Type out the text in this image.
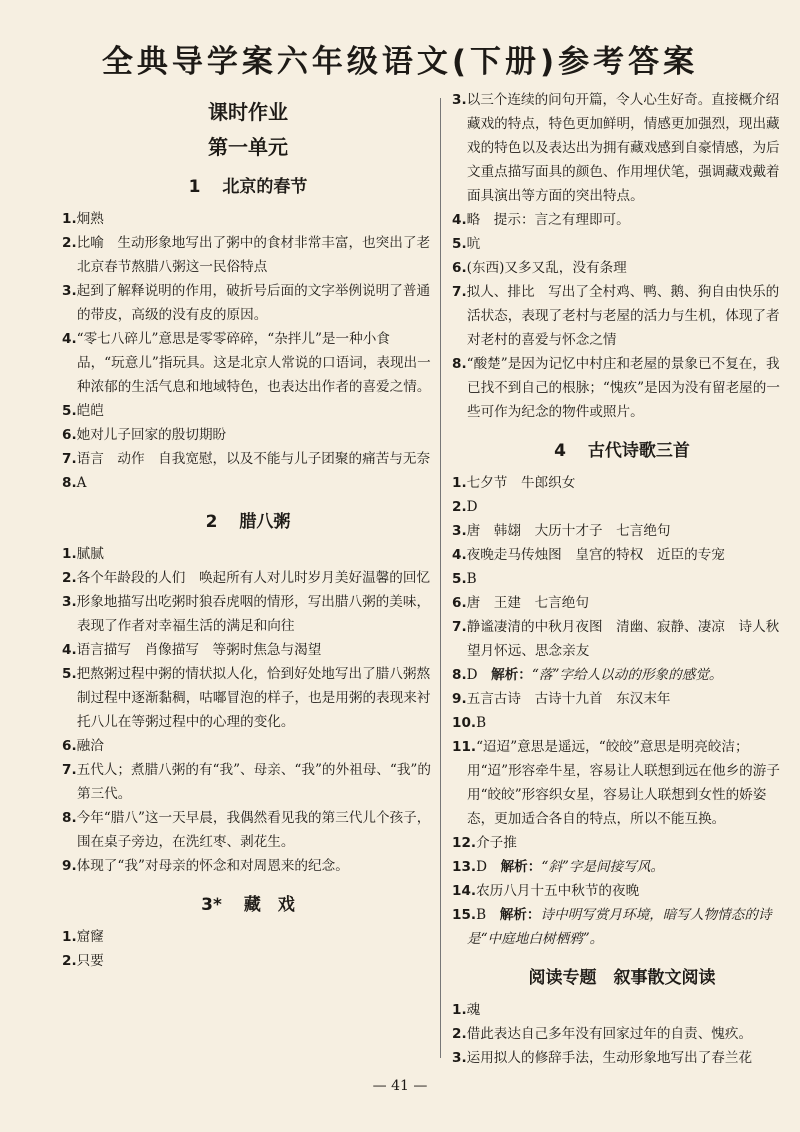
全典导学案六年级语文(下册)参考答案
课时作业
第一单元
1 北京的春节
1.炯熟
2.比喻　生动形象地写出了粥中的食材非常丰富，也突出了老北京春节熬腊八粥这一民俗特点
3.起到了解释说明的作用，破折号后面的文字举例说明了普通的带皮，高级的没有皮的原因。
4.“零七八碎儿”意思是零零碎碎，“杂拌儿”是一种小食品，“玩意儿”指玩具。这是北京人常说的口语词，表现出一种浓郁的生活气息和地域特色，也表达出作者的喜爱之情。
5.皑皑
6.她对儿子回家的殷切期盼
7.语言　动作　自我宽慰，以及不能与儿子团聚的痛苦与无奈
8.A
2 腊八粥
1.腻腻
2.各个年龄段的人们　唤起所有人对儿时岁月美好温馨的回忆
3.形象地描写出吃粥时狼吞虎咽的情形，写出腊八粥的美味，表现了作者对幸福生活的满足和向往
4.语言描写　肖像描写　等粥时焦急与渴望
5.把熬粥过程中粥的情状拟人化，恰到好处地写出了腊八粥熬制过程中逐渐黏稠，咕嘟冒泡的样子，也是用粥的表现来衬托八儿在等粥过程中的心理的变化。
6.融洽
7.五代人；煮腊八粥的有“我”、母亲、“我”的外祖母、“我”的第三代。
8.今年“腊八”这一天早晨，我偶然看见我的第三代儿个孩子，围在桌子旁边，在洗红枣、剥花生。
9.体现了“我”对母亲的怀念和对周恩来的纪念。
3* 藏　戏
1.窟窿
2.只要
3.以三个连续的问句开篇，令人心生好奇。直接概介绍藏戏的特点，特色更加鲜明，情感更加强烈，现出藏戏的特色以及表达出为拥有藏戏感到自豪情感，为后文重点描写面具的颜色、作用埋伏笔，强调藏戏戴着面具演出等方面的突出特点。
4.略　提示：言之有理即可。
5.吭
6.(东西)又多又乱，没有条理
7.拟人、排比　写出了全村鸡、鸭、鹅、狗自由快乐的活状态，表现了老村与老屋的活力与生机，体现了者对老村的喜爱与怀念之情
8.“酸楚”是因为记忆中村庄和老屋的景象已不复在，我已找不到自己的根脉；“愧疚”是因为没有留老屋的一些可作为纪念的物件或照片。
4 古代诗歌三首
1.七夕节　牛郎织女
2.D
3.唐　韩翃　大历十才子　七言绝句
4.夜晚走马传烛图　皇宫的特权　近臣的专宠
5.B
6.唐　王建　七言绝句
7.静谧凄清的中秋月夜图　清幽、寂静、凄凉　诗人秋望月怀远、思念亲友
8.D　解析：“落”字给人以动的形象的感觉。
9.五言古诗　古诗十九首　东汉末年
10.B
11.“迢迢”意思是遥远，“皎皎”意思是明亮皎洁；用“迢”形容牵牛星，容易让人联想到远在他乡的游子用“皎皎”形容织女星，容易让人联想到女性的娇姿态，更加适合各自的特点，所以不能互换。
12.介子推
13.D　解析：“斜”字是间接写风。
14.农历八月十五中秋节的夜晚
15.B　解析：诗中明写赏月环境，暗写人物情态的诗是“中庭地白树栖鸦”。
阅读专题　叙事散文阅读
1.魂
2.借此表达自己多年没有回家过年的自责、愧疚。
3.运用拟人的修辞手法，生动形象地写出了春兰花
— 41 —
